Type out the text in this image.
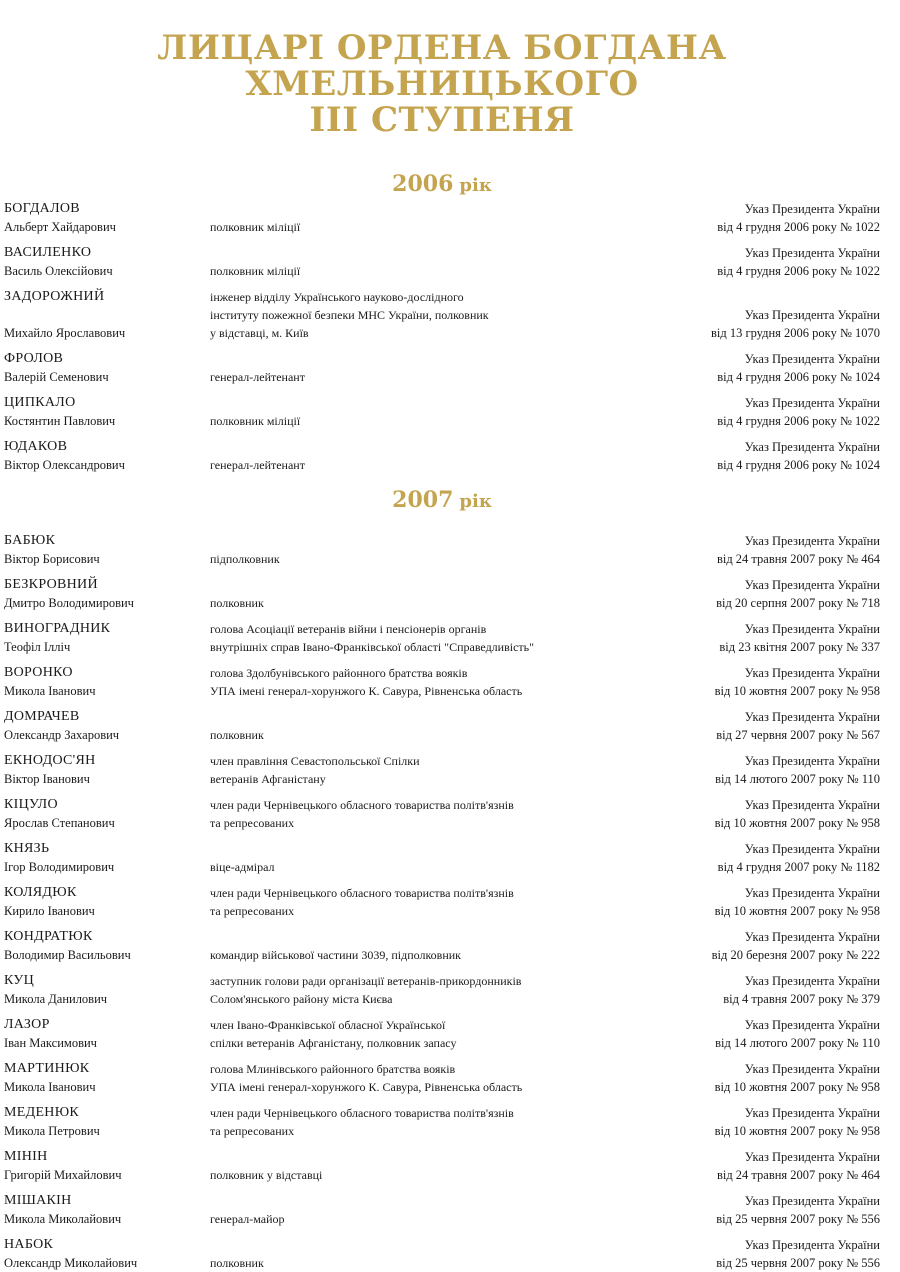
ЛИЦАРІ ОРДЕНА БОГДАНА ХМЕЛЬНИЦЬКОГО
ІІІ СТУПЕНЯ
2006 рік
БОГДАЛОВ
Альберт Хайдарович	полковник міліції
Указ Президента України
від 4 грудня 2006 року № 1022
ВАСИЛЕНКО
Василь Олексійович	полковник міліції
Указ Президента України
від 4 грудня 2006 року № 1022
ЗАДОРОЖНИЙ
Михайло Ярославович
інженер відділу Українського науково-дослідного
інституту пожежної безпеки МНС України, полковник
у відставці, м. Київ
Указ Президента України
від 13 грудня 2006 року № 1070
ФРОЛОВ
Валерій Семенович	генерал-лейтенант
Указ Президента України
від 4 грудня 2006 року № 1024
ЦИПКАЛО
Костянтин Павлович	полковник міліції
Указ Президента України
від 4 грудня 2006 року № 1022
ЮДАКОВ
Віктор Олександрович	генерал-лейтенант
Указ Президента України
від 4 грудня 2006 року № 1024
2007 рік
БАБЮК
Віктор Борисович	підполковник
Указ Президента України
від 24 травня 2007 року № 464
БЕЗКРОВНИЙ
Дмитро Володимирович	полковник
Указ Президента України
від 20 серпня 2007 року № 718
ВИНОГРАДНИК
Теофіл Ілліч
голова Асоціації ветеранів війни і пенсіонерів органів
внутрішніх справ Івано-Франківської області "Справедливість"
Указ Президента України
від 23 квітня 2007 року № 337
ВОРОНКО
Микола Іванович
голова Здолбунівського районного братства вояків
УПА імені генерал-хорунжого К. Савура, Рівненська область
Указ Президента України
від 10 жовтня 2007 року № 958
ДОМРАЧЕВ
Олександр Захарович	полковник
Указ Президента України
від 27 червня 2007 року № 567
ЕКНОДОС'ЯН
Віктор Іванович
член правління Севастопольської Спілки
ветеранів Афганістану
Указ Президента України
від 14 лютого 2007 року № 110
КІЦУЛО
Ярослав Степанович
член ради Чернівецького обласного товариства політв'язнів
та репресованих
Указ Президента України
від 10 жовтня 2007 року № 958
КНЯЗЬ
Ігор Володимирович	віце-адмірал
Указ Президента України
від 4 грудня 2007 року № 1182
КОЛЯДЮК
Кирило Іванович
член ради Чернівецького обласного товариства політв'язнів
та репресованих
Указ Президента України
від 10 жовтня 2007 року № 958
КОНДРАТЮК
Володимир Васильович	командир військової частини 3039, підполковник
Указ Президента України
від 20 березня 2007 року № 222
КУЦ
Микола Данилович
заступник голови ради організації ветеранів-прикордонників
Солом'янського району міста Києва
Указ Президента України
від 4 травня 2007 року № 379
ЛАЗОР
Іван Максимович
член Івано-Франківської обласної Української
спілки ветеранів Афганістану, полковник запасу
Указ Президента України
від 14 лютого 2007 року № 110
МАРТИНЮК
Микола Іванович
голова Млинівського районного братства вояків
УПА імені генерал-хорунжого К. Савура, Рівненська область
Указ Президента України
від 10 жовтня 2007 року № 958
МЕДЕНЮК
Микола Петрович
член ради Чернівецького обласного товариства політв'язнів
та репресованих
Указ Президента України
від 10 жовтня 2007 року № 958
МІНІН
Григорій Михайлович	полковник у відставці
Указ Президента України
від 24 травня 2007 року № 464
МІШАКІН
Микола Миколайович	генерал-майор
Указ Президента України
від 25 червня 2007 року № 556
НАБОК
Олександр Миколайович	полковник
Указ Президента України
від 25 червня 2007 року № 556
